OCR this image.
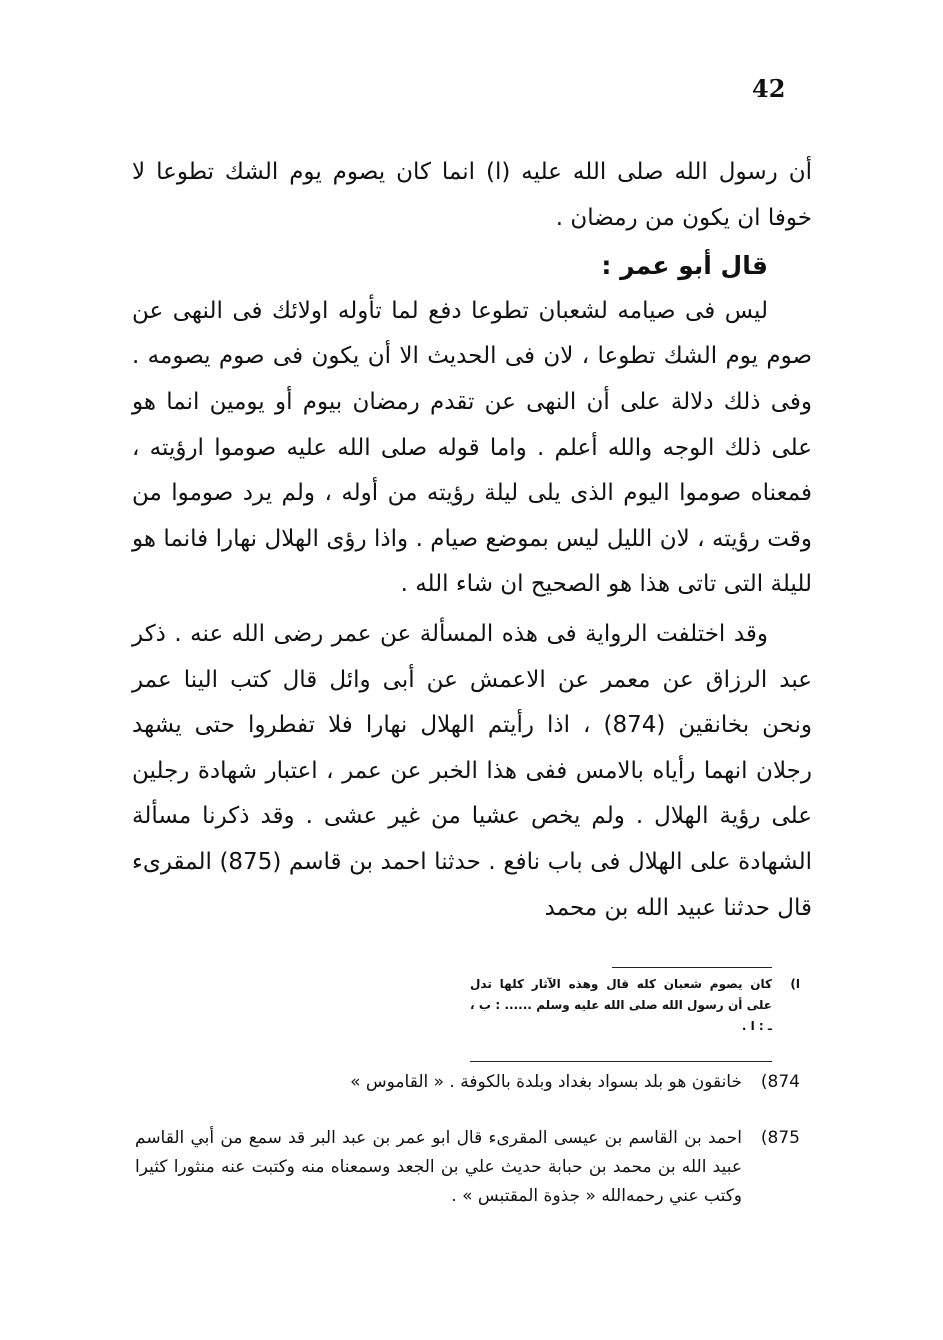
42

أن رسول الله صلى الله عليه (ا) انما كان يصوم يوم الشك تطوعا لا خوفا ان يكون من رمضان .

قال أبو عمر :

ليس فى صيامه لشعبان تطوعا دفع لما تأوله اولائك فى النهى عن صوم يوم الشك تطوعا ، لان فى الحديث الا أن يكون فى صوم يصومه . وفى ذلك دلالة على أن النهى عن تقدم رمضان بيوم أو يومين انما هو على ذلك الوجه والله أعلم . واما قوله صلى الله عليه صوموا ارؤيته ، فمعناه صوموا اليوم الذى يلى ليلة رؤيته من أوله ، ولم يرد صوموا من وقت رؤيته ، لان الليل ليس بموضع صيام . واذا رؤى الهلال نهارا فانما هو لليلة التى تاتى هذا هو الصحيح ان شاء الله .

وقد اختلفت الرواية فى هذه المسألة عن عمر رضى الله عنه . ذكر عبد الرزاق عن معمر عن الاعمش عن أبى وائل قال كتب الينا عمر ونحن بخانقين (874) ، اذا رأيتم الهلال نهارا فلا تفطروا حتى يشهد رجلان انهما رأياه بالامس ففى هذا الخبر عن عمر ، اعتبار شهادة رجلين على رؤية الهلال . ولم يخص عشيا من غير عشى . وقد ذكرنا مسألة الشهادة على الهلال فى باب نافع . حدثنا احمد بن قاسم (875) المقرىء قال حدثنا عبيد الله بن محمد

ا)
كان يصوم شعبان كله قال وهذه الآثار كلها تدل على أن رسول الله صلى الله عليه وسلم ...... : ب ، ـ : ا .
874)
خانقون هو بلد بسواد بغداد وبلدة بالكوفة . « القاموس »
875)
احمد بن القاسم بن عيسى المقرىء قال ابو عمر بن عبد البر قد سمع من أبي القاسم عبيد الله بن محمد بن حبابة حديث علي بن الجعد وسمعناه منه وكتبت عنه منثورا كثيرا وكتب عني رحمه‌الله « جذوة المقتبس » .
